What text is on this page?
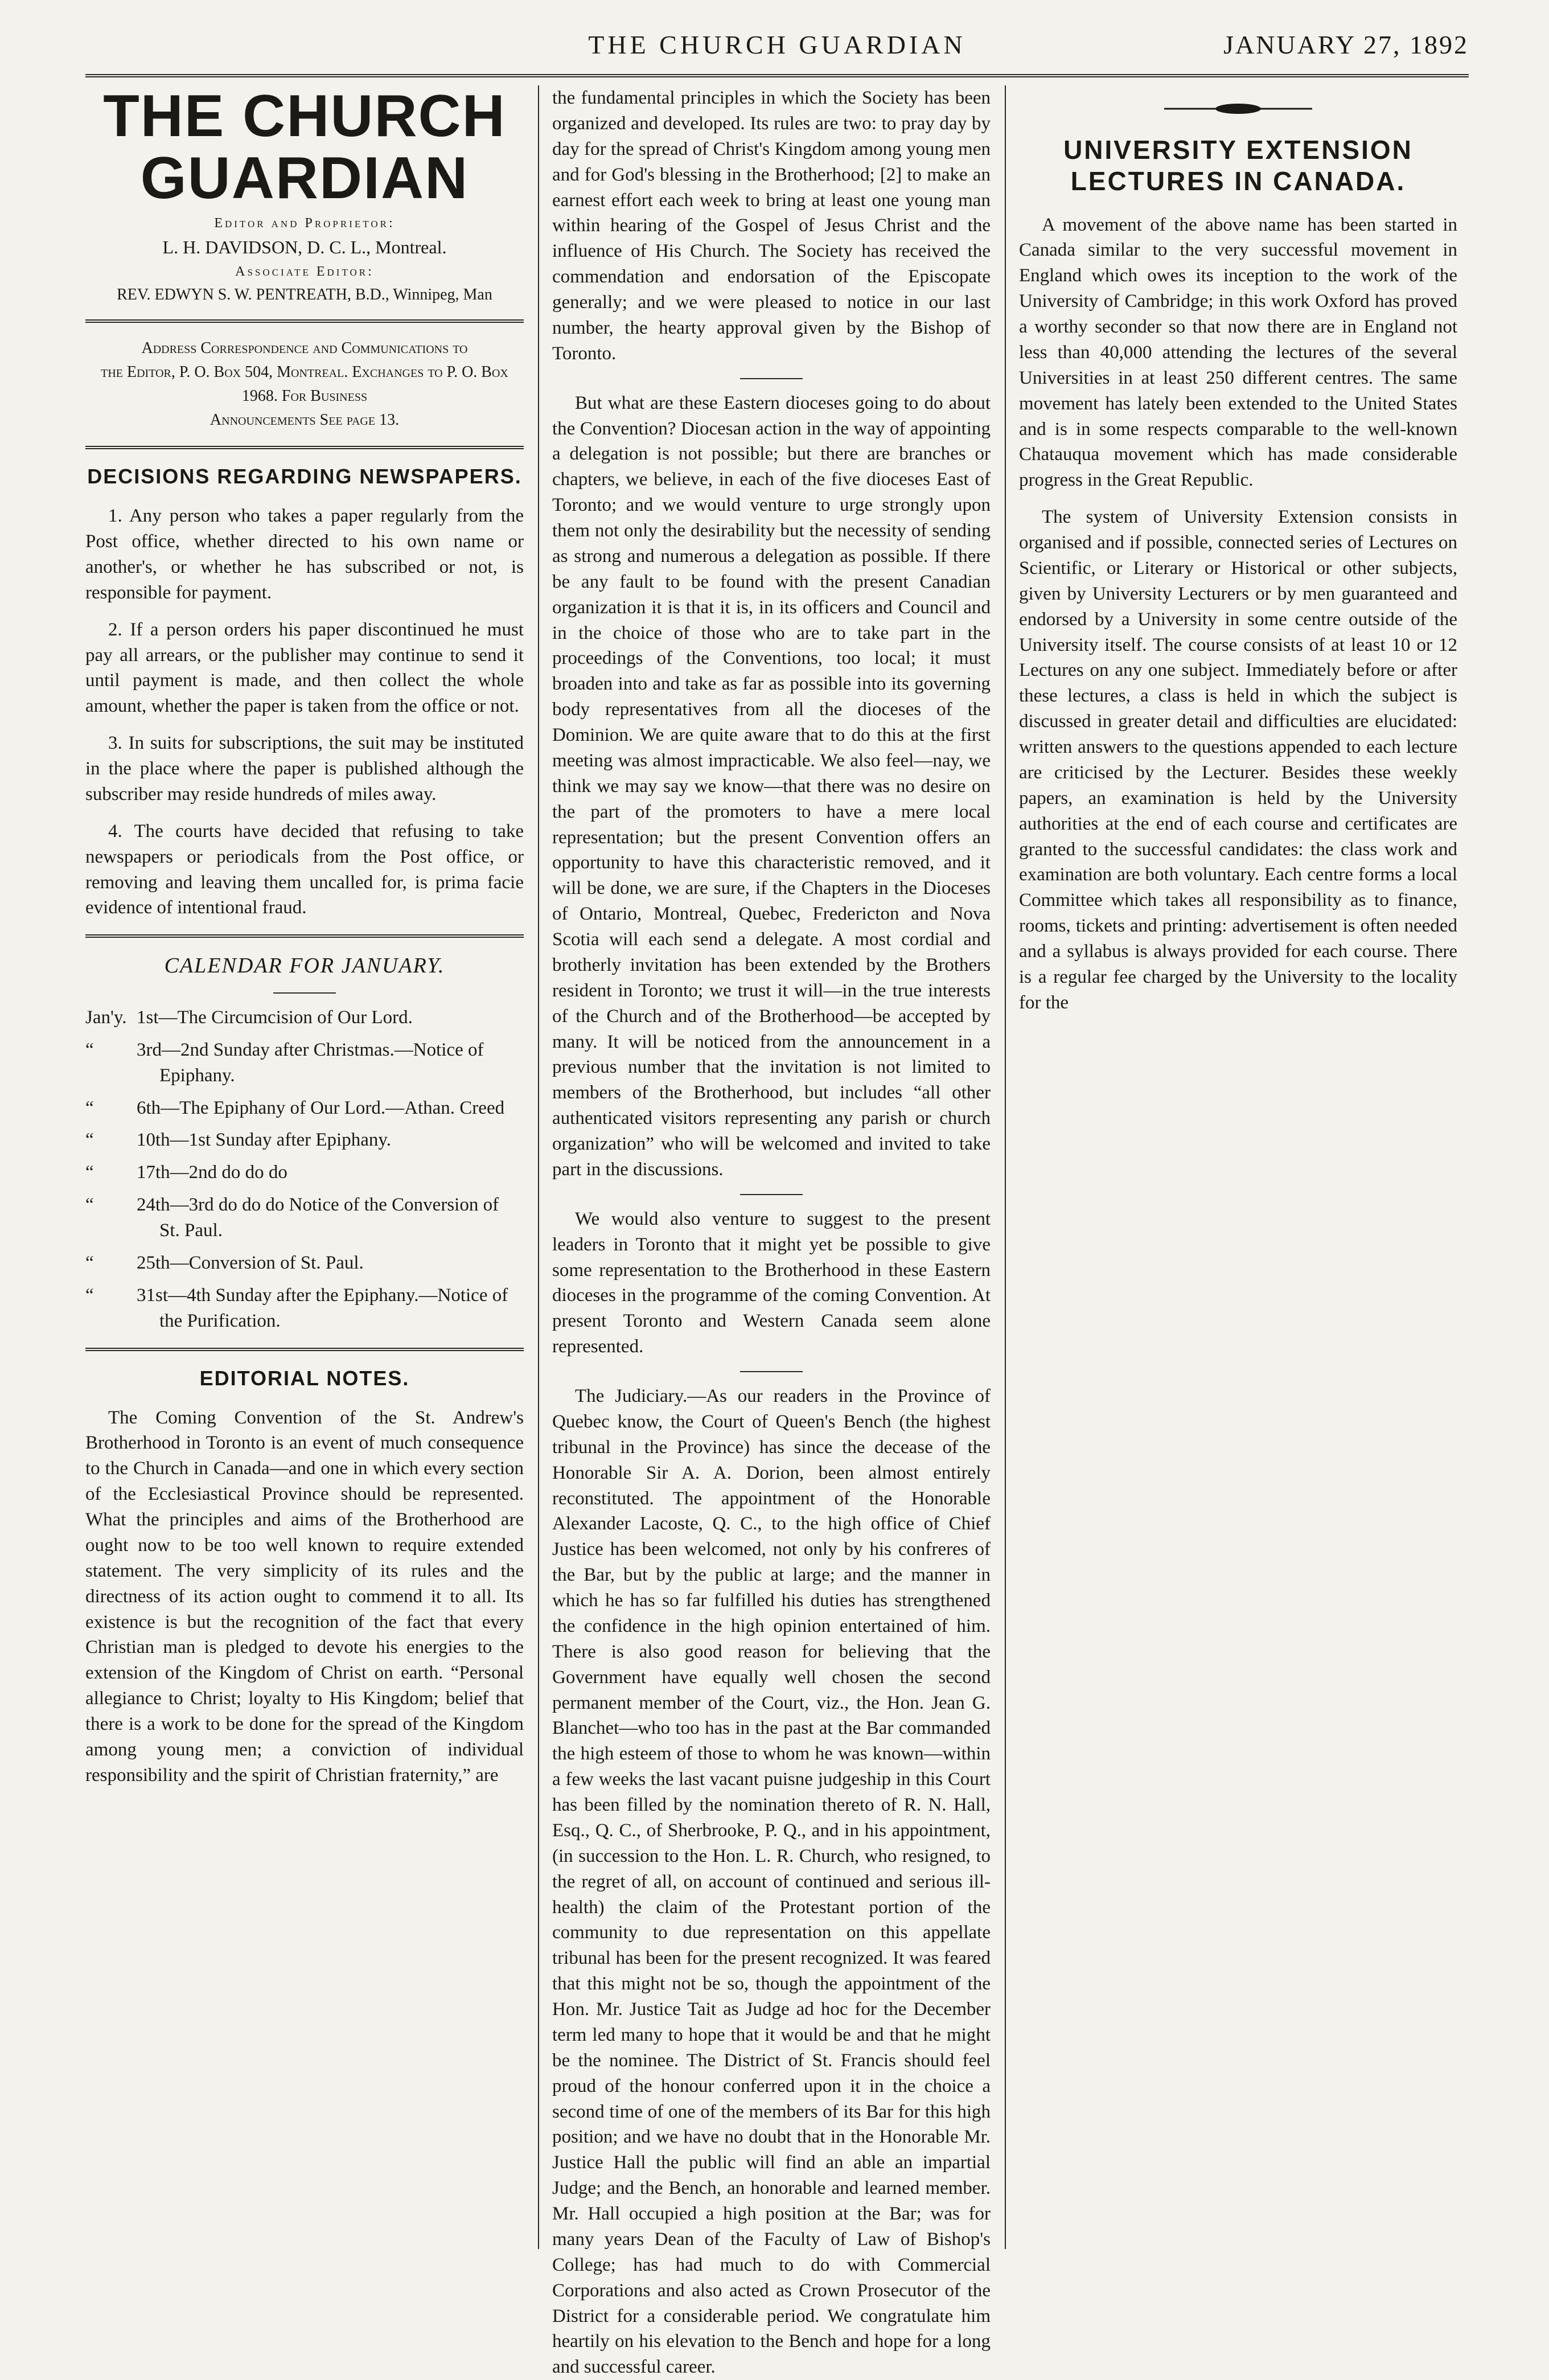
THE CHURCH GUARDIAN	JANUARY 27, 1892
THE CHURCH GUARDIAN
Editor and Proprietor:
L. H. DAVIDSON, D. C. L., Montreal.
Associate Editor:
REV. EDWYN S. W. PENTREATH, B.D., Winnipeg, Man
Address Correspondence and Communications to
the Editor, P. O. Box 504, Montreal. Exchanges to P. O. Box 1968. For Business
Announcements See page 13.
DECISIONS REGARDING NEWSPAPERS.

1. Any person who takes a paper regularly from the Post office, whether directed to his own name or another's, or whether he has subscribed or not, is responsible for payment.

2. If a person orders his paper discontinued he must pay all arrears, or the publisher may continue to send it until payment is made, and then collect the whole amount, whether the paper is taken from the office or not.

3. In suits for subscriptions, the suit may be instituted in the place where the paper is published although the subscriber may reside hundreds of miles away.

4. The courts have decided that refusing to take newspapers or periodicals from the Post office, or removing and leaving them uncalled for, is prima facie evidence of intentional fraud.

CALENDAR FOR JANUARY.
Jan'y. 1st—The Circumcision of Our Lord.
“	3rd—2nd Sunday after Christmas.—Notice of Epiphany.
“	6th—The Epiphany of Our Lord.—Athan. Creed
“	10th—1st Sunday after Epiphany.
“	17th—2nd do do do
“	24th—3rd do do do Notice of the Conversion of St. Paul.
“	25th—Conversion of St. Paul.
“	31st—4th Sunday after the Epiphany.—Notice of the Purification.
EDITORIAL NOTES.

The Coming Convention of the St. Andrew's Brotherhood in Toronto is an event of much consequence to the Church in Canada—and one in which every section of the Ecclesiastical Province should be represented. What the principles and aims of the Brotherhood are ought now to be too well known to require extended statement. The very simplicity of its rules and the directness of its action ought to commend it to all. Its existence is but the recognition of the fact that every Christian man is pledged to devote his energies to the extension of the Kingdom of Christ on earth. “Personal allegiance to Christ; loyalty to His Kingdom; belief that there is a work to be done for the spread of the Kingdom among young men; a conviction of individual responsibility and the spirit of Christian fraternity,” are

the fundamental principles in which the Society has been organized and developed. Its rules are two: to pray day by day for the spread of Christ's Kingdom among young men and for God's blessing in the Brotherhood; [2] to make an earnest effort each week to bring at least one young man within hearing of the Gospel of Jesus Christ and the influence of His Church. The Society has received the commendation and endorsation of the Episcopate generally; and we were pleased to notice in our last number, the hearty approval given by the Bishop of Toronto.

But what are these Eastern dioceses going to do about the Convention? Diocesan action in the way of appointing a delegation is not possible; but there are branches or chapters, we believe, in each of the five dioceses East of Toronto; and we would venture to urge strongly upon them not only the desirability but the necessity of sending as strong and numerous a delegation as possible. If there be any fault to be found with the present Canadian organization it is that it is, in its officers and Council and in the choice of those who are to take part in the proceedings of the Conventions, too local; it must broaden into and take as far as possible into its governing body representatives from all the dioceses of the Dominion. We are quite aware that to do this at the first meeting was almost impracticable. We also feel—nay, we think we may say we know—that there was no desire on the part of the promoters to have a mere local representation; but the present Convention offers an opportunity to have this characteristic removed, and it will be done, we are sure, if the Chapters in the Dioceses of Ontario, Montreal, Quebec, Fredericton and Nova Scotia will each send a delegate. A most cordial and brotherly invitation has been extended by the Brothers resident in Toronto; we trust it will—in the true interests of the Church and of the Brotherhood—be accepted by many. It will be noticed from the announcement in a previous number that the invitation is not limited to members of the Brotherhood, but includes “all other authenticated visitors representing any parish or church organization” who will be welcomed and invited to take part in the discussions.

We would also venture to suggest to the present leaders in Toronto that it might yet be possible to give some representation to the Brotherhood in these Eastern dioceses in the programme of the coming Convention. At present Toronto and Western Canada seem alone represented.

The Judiciary.—As our readers in the Province of Quebec know, the Court of Queen's Bench (the highest tribunal in the Province) has since the decease of the Honorable Sir A. A. Dorion, been almost entirely reconstituted. The appointment of the Honorable Alexander Lacoste, Q. C., to the high office of Chief Justice has been welcomed, not only by his confreres of the Bar, but by the public at large; and the manner in which he has so far fulfilled his duties has strengthened the confidence in the high opinion entertained of him. There is also good reason for believing that the Government have equally well chosen the second permanent member of the Court, viz., the Hon. Jean G. Blanchet—who too has in the past at the Bar commanded the high esteem of those to whom he was known—within a few weeks the last vacant puisne judgeship in this Court has been filled by the nomination thereto of R. N. Hall, Esq., Q. C., of Sherbrooke, P. Q., and in his appointment, (in succession to the Hon. L. R. Church, who resigned, to the regret of all, on account of continued and serious ill-health) the claim of the Protestant portion of the community to due representation on this appellate tribunal has been for the present recognized. It was feared that this might not be so, though the appointment of the Hon. Mr. Justice Tait as Judge ad hoc for the December term led many to hope that it would be and that he might be the nominee. The District of St. Francis should feel proud of the honour conferred upon it in the choice a second time of one of the members of its Bar for this high position; and we have no doubt that in the Honorable Mr. Justice Hall the public will find an able an impartial Judge; and the Bench, an honorable and learned member. Mr. Hall occupied a high position at the Bar; was for many years Dean of the Faculty of Law of Bishop's College; has had much to do with Commercial Corporations and also acted as Crown Prosecutor of the District for a considerable period. We congratulate him heartily on his elevation to the Bench and hope for a long and successful career.

UNIVERSITY EXTENSION LECTURES IN CANADA.

A movement of the above name has been started in Canada similar to the very successful movement in England which owes its inception to the work of the University of Cambridge; in this work Oxford has proved a worthy seconder so that now there are in England not less than 40,000 attending the lectures of the several Universities in at least 250 different centres. The same movement has lately been extended to the United States and is in some respects comparable to the well-known Chatauqua movement which has made considerable progress in the Great Republic.

The system of University Extension consists in organised and if possible, connected series of Lectures on Scientific, or Literary or Historical or other subjects, given by University Lecturers or by men guaranteed and endorsed by a University in some centre outside of the University itself. The course consists of at least 10 or 12 Lectures on any one subject. Immediately before or after these lectures, a class is held in which the subject is discussed in greater detail and difficulties are elucidated: written answers to the questions appended to each lecture are criticised by the Lecturer. Besides these weekly papers, an examination is held by the University authorities at the end of each course and certificates are granted to the successful candidates: the class work and examination are both voluntary. Each centre forms a local Committee which takes all responsibility as to finance, rooms, tickets and printing: advertisement is often needed and a syllabus is always provided for each course. There is a regular fee charged by the University to the locality for the
